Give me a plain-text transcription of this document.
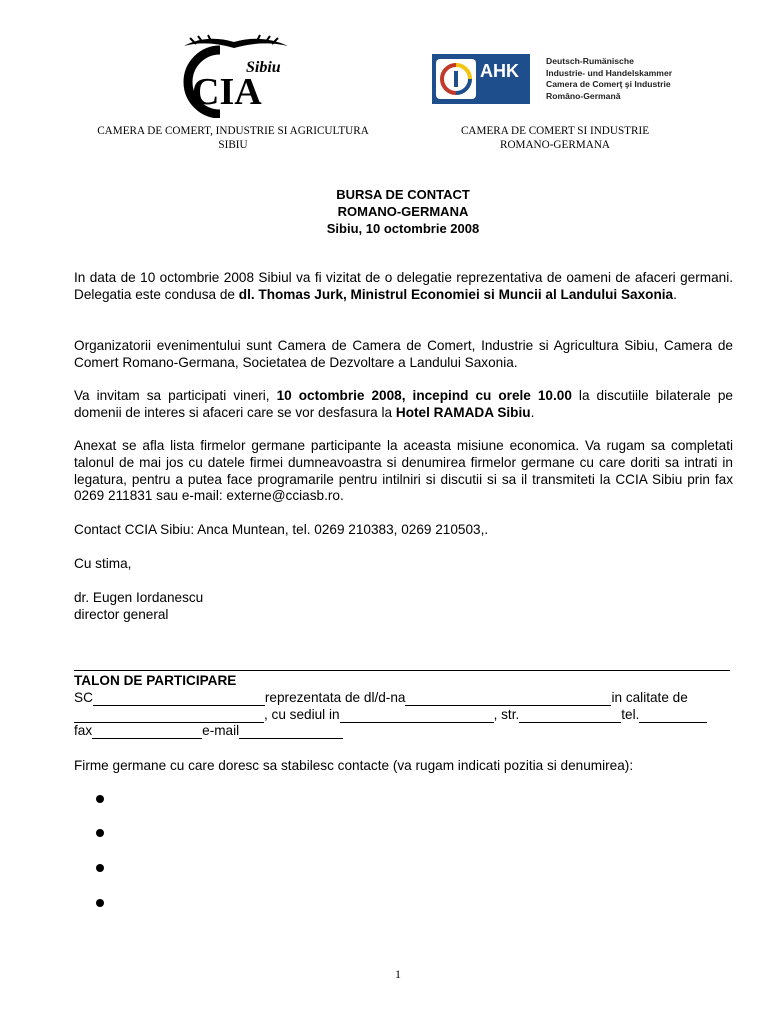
CIA
Sibiu	AHK	Deutsch-Rumänische
Industrie- und Handelskammer
Camera de Comerţ şi Industrie
Româno-Germană
CAMERA DE COMERT, INDUSTRIE SI AGRICULTURA
SIBIU
CAMERA DE COMERT SI INDUSTRIE
ROMANO-GERMANA
BURSA DE CONTACT
ROMANO-GERMANA
Sibiu, 10 octombrie 2008
In data de 10 octombrie 2008 Sibiul va fi vizitat de o delegatie reprezentativa de oameni de afaceri germani. Delegatia este condusa de dl. Thomas Jurk, Ministrul Economiei si Muncii al Landului Saxonia.
Organizatorii evenimentului sunt Camera de Camera de Comert, Industrie si Agricultura Sibiu, Camera de Comert Romano-Germana, Societatea de Dezvoltare a Landului Saxonia.
Va invitam sa participati vineri, 10 octombrie 2008, incepind cu orele 10.00 la discutiile bilaterale pe domenii de interes si afaceri care se vor desfasura la Hotel RAMADA Sibiu.
Anexat se afla lista firmelor germane participante la aceasta misiune economica. Va rugam sa completati talonul de mai jos cu datele firmei dumneavoastra si denumirea firmelor germane cu care doriti sa intrati in legatura, pentru a putea face programarile pentru intilniri si discutii si sa il transmiteti la CCIA Sibiu prin fax 0269 211831 sau e-mail: externe@cciasb.ro.
Contact CCIA Sibiu: Anca Muntean, tel. 0269 210383, 0269 210503,.
Cu stima,
dr. Eugen Iordanescu
director general
TALON DE PARTICIPARE
SC	reprezentata de dl/d-na	in calitate de
, cu sediul in	, str.	tel.
fax	e-mail
Firme germane cu care doresc sa stabilesc contacte (va rugam indicati pozitia si denumirea):
1
